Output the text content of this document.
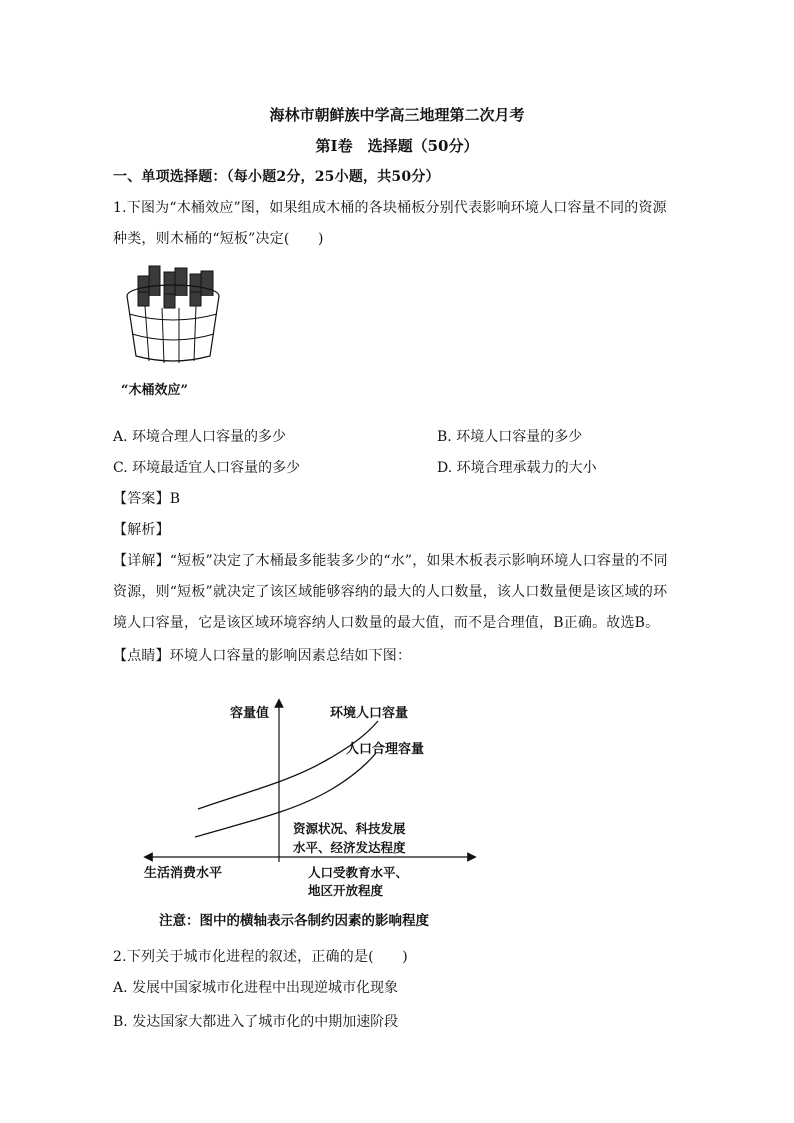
海林市朝鲜族中学高三地理第二次月考
第Ⅰ卷　选择题（50分）
一、单项选择题：（每小题2分，25小题，共50分）
1.下图为“木桶效应”图，如果组成木桶的各块桶板分别代表影响环境人口容量不同的资源
种类，则木桶的“短板”决定(　　)
“木桶效应”
A. 环境合理人口容量的多少	B. 环境人口容量的多少
C. 环境最适宜人口容量的多少	D. 环境合理承载力的大小
【答案】B
【解析】
【详解】“短板”决定了木桶最多能装多少的“水”，如果木板表示影响环境人口容量的不同
资源，则“短板”就决定了该区域能够容纳的最大的人口数量，该人口数量便是该区域的环
境人口容量，它是该区域环境容纳人口数量的最大值，而不是合理值，B正确。故选B。
【点睛】环境人口容量的影响因素总结如下图：
容量值	环境人口容量
人口合理容量
资源状况、科技发展
水平、经济发达程度
生活消费水平	人口受教育水平、
地区开放程度
注意：图中的横轴表示各制约因素的影响程度
2.下列关于城市化进程的叙述，正确的是(　　)
A. 发展中国家城市化进程中出现逆城市化现象
B. 发达国家大都进入了城市化的中期加速阶段
